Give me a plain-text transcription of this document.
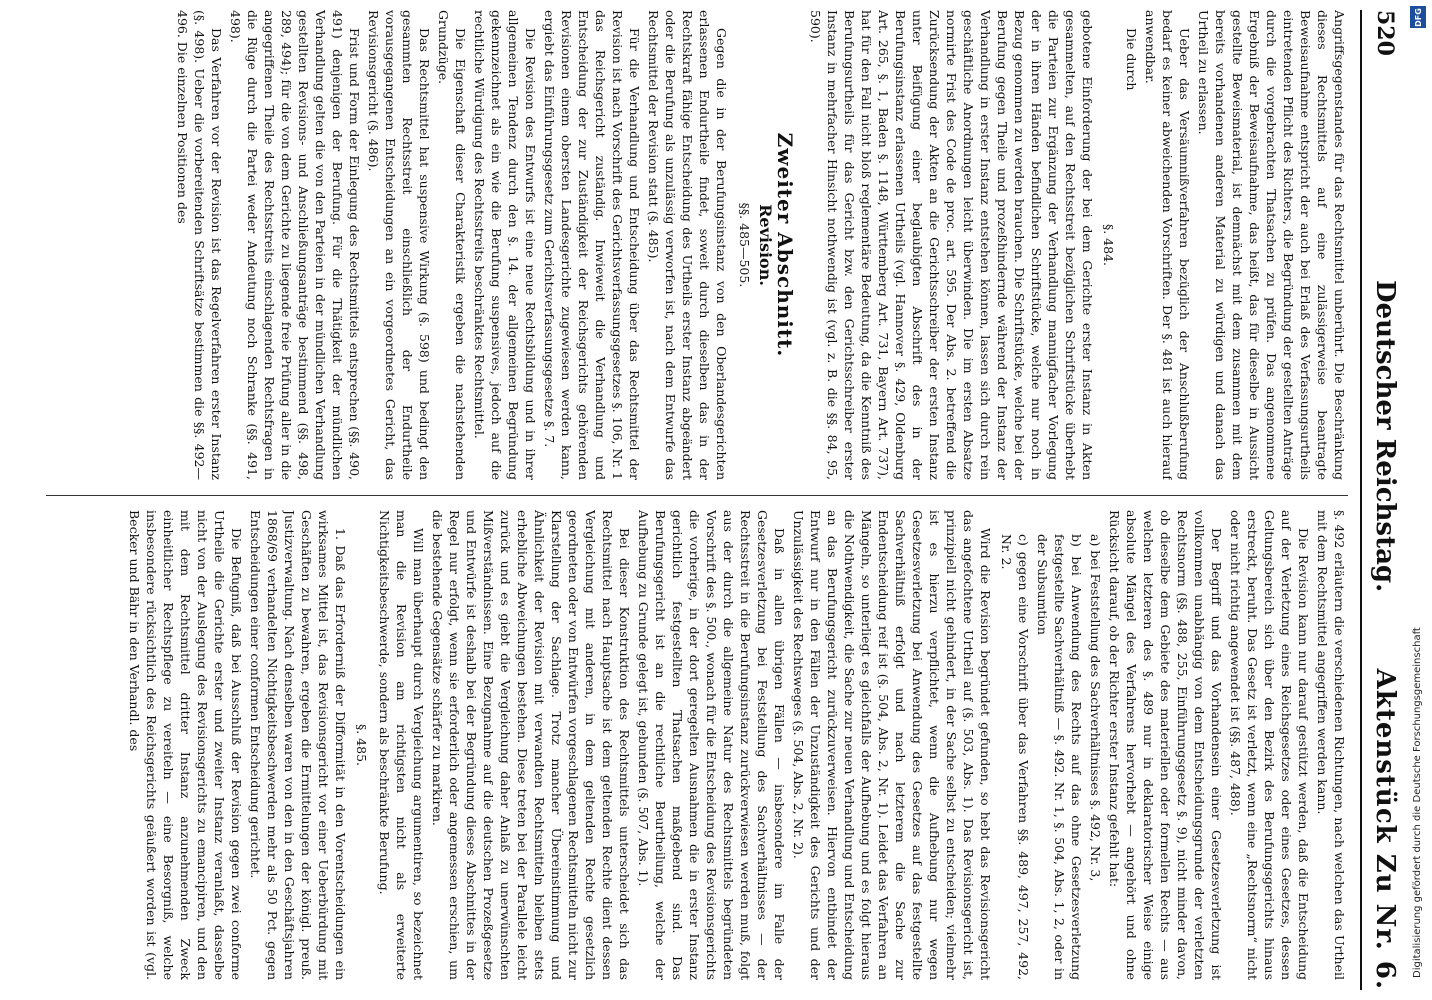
520
Deutscher Reichstag.
Aktenstück Zu Nr. 6.

Angriffsgegenstandes für das Rechtsmittel unberührt. Die Beschränkung dieses Rechtsmittels auf eine zulässigerweise beantragte Beweisaufnahme entspricht der auch bei Erlaß des Verfassungsurtheils eintretenden Pflicht des Richters, die Begründung der gestellten Anträge durch die vorgebrachten Thatsachen zu prüfen. Das angenommene Ergebniß der Beweisaufnahme, das heißt, das für dieselbe in Aussicht gestellte Beweismaterial, ist demnächst mit dem zusammen mit dem bereits vorhandenen anderen Material zu würdigen und danach das Urtheil zu erlassen.

Ueber das Versäumnißverfahren bezüglich der Anschlußberufung bedarf es keiner abweichenden Vorschriften. Der §. 481 ist auch hierauf anwendbar.

Die durch

§. 484.

gebotene Einforderung der bei dem Gerichte erster Instanz in Akten gesammelten, auf den Rechtsstreit bezüglichen Schriftstücke überhebt die Parteien zur Ergänzung der Verhandlung mannigfacher Vorlegung der in ihren Händen befindlichen Schriftstücke, welche nur noch in Bezug genommen zu werden brauchen. Die Schriftstücke, welche bei der Berufung gegen Theile und prozeßhindernde während der Instanz der Verhandlung in erster Instanz entstehen können, lassen sich durch rein geschäftliche Anordnungen leicht überwinden. Die im ersten Absatze normirte Frist des Code de proc. art. 595. Der Abs. 2. betreffend die Zurücksendung der Akten an die Gerichtsschreiber der ersten Instanz unter Beifügung einer beglaubigten Abschrift des in der Berufungsinstanz erlassenen Urtheils (vgl. Hannover §. 429, Oldenburg Art. 265, §. 1, Baden §. 1148, Württemberg Art. 731, Bayern Art. 737), hat für den Fall nicht bloß reglementäre Bedeutung, da die Kenntniß des Berufungsurtheils für das Gericht bzw. den Gerichtsschreiber erster Instanz in mehrfacher Hinsicht nothwendig ist (vgl. z. B. die §§. 84, 95, 590).

Zweiter Abschnitt.
Revision.
§§. 485—505.

Gegen die in der Berufungsinstanz von den Oberlandesgerichten erlassenen Endurtheile findet, soweit durch dieselben das in der Rechtskraft fähige Entscheidung des Urtheils erster Instanz abgeändert oder die Berufung als unzulässig verworfen ist, nach dem Entwurfe das Rechtsmittel der Revision statt (§. 485).

Für die Verhandlung und Entscheidung über das Rechtsmittel der Revision ist nach Vorschrift des Gerichtsverfassungsgesetzes §. 106, Nr. 1 das Reichsgericht zuständig. Inwieweit die Verhandlung und Entscheidung der zur Zuständigkeit der Reichsgerichts gehörenden Revisionen einem obersten Landesgerichte zugewiesen werden kann, ergiebt das Einführungsgesetz zum Gerichtsverfassungsgesetze §. 7.

Die Revision des Entwurfs ist eine neue Rechtsbildung und in ihrer allgemeinen Tendenz durch den §. 14. der allgemeinen Begründung gekennzeichnet als ein wie die Berufung suspensives, jedoch auf die rechtliche Würdigung des Rechtsstreits beschränktes Rechtsmittel.

Die Eigenschaft dieser Charakteristik ergeben die nachstehenden Grundzüge.

Das Rechtsmittel hat suspensive Wirkung (§. 598) und bedingt den gesammten Rechtsstreit einschließlich der Endurtheile vorausgegangenen Entscheidungen an ein vorgeordnetes Gericht, das Revisionsgericht (§. 486).

Frist und Form der Einlegung des Rechtsmittels entsprechen (§§. 490, 491) denjenigen der Berufung. Für die Thätigkeit der mündlichen Verhandlung gelten die von den Parteien in der mündlichen Verhandlung gestellten Revisions- und Anschließungsanträge bestimmend (§§. 498, 289, 494); für die von dem Gerichte zu liegende freie Prüfung aller in die angegriffenen Theile des Rechtsstreits einschlagenden Rechtsfragen in die Rüge durch die Partei weder Andeutung noch Schranke (§§. 491, 498).

Das Verfahren vor der Revision ist das Regelverfahren erster Instanz (§. 498). Ueber die vorbereitenden Schriftsätze bestimmen die §§. 492—496. Die einzelnen Positionen des

§. 492 erläutern die verschiedenen Richtungen, nach welchen das Urtheil mit dem Rechtsmittel angegriffen werden kann.

Die Revision kann nur darauf gestützt werden, daß die Entscheidung auf der Verletzung eines Reichsgesetzes oder eines Gesetzes, dessen Geltungsbereich sich über den Bezirk des Berufungsgerichts hinaus erstreckt, beruht. Das Gesetz ist verletzt, wenn eine „Rechtsnorm“ nicht oder nicht richtig angewendet ist (§§. 487, 488).

Der Begriff und das Vorhandensein einer Gesetzesverletzung ist vollkommen unabhängig von dem Entscheidungsgrunde der verletzten Rechtsnorm (§§. 488, 255, Einführungsgesetz §. 9), nicht minder davon, ob dieselbe dem Gebiete des materiellen oder formellen Rechts — aus welchen letzteren des §. 489 nur in deklaratorischer Weise einige absolute Mängel des Verfahrens hervorhebt — angehört und ohne Rücksicht darauf, ob der Richter erster Instanz gefehlt hat:

a) bei Feststellung des Sachverhältnisses §. 492, Nr. 3,
b) bei Anwendung des Rechts auf das ohne Gesetzesverletzung festgestellte Sachverhältniß — §. 492. Nr. 1, §. 504, Abs. 1, 2, oder in der Subsumtion
c) gegen eine Vorschrift über das Verfahren §§. 489, 497, 257, 492, Nr. 2.

Wird die Revision begründet gefunden, so hebt das Revisionsgericht das angefochtene Urtheil auf (§. 503, Abs. 1). Das Revisionsgericht ist, prinzipiell nicht gehindert, in der Sache selbst zu entscheiden; vielmehr ist es hierzu verpflichtet, wenn die Aufhebung nur wegen Gesetzesverletzung bei Anwendung des Gesetzes auf das festgestellte Sachverhältniß erfolgt und nach letzterem die Sache zur Endentscheidung reif ist (§. 504, Abs. 2, Nr. 1). Leidet das Verfahren an Mängeln, so unterliegt es gleichfalls der Aufhebung und es folgt hieraus die Nothwendigkeit, die Sache zur neuen Verhandlung und Entscheidung an das Berufungsgericht zurückzuverweisen. Hiervon entbindet der Entwurf nur in den Fällen der Unzuständigkeit des Gerichts und der Unzulässigkeit des Rechtsweges (§. 504, Abs. 2, Nr. 2).

Daß in allen übrigen Fällen — insbesondere im Falle der Gesetzesverletzung bei Feststellung des Sachverhältnisses — der Rechtsstreit in die Berufungsinstanz zurückverwiesen werden muß, folgt aus der durch die allgemeine Natur des Rechtsmittels begründeten Vorschrift des §. 500., wonach für die Entscheidung des Revisionsgerichts die vorherige, in der dort geregelten Ausnahmen die in erster Instanz gerichtlich festgestellten Thatsachen maßgebend sind. Das Berufungsgericht ist an die rechtliche Beurtheilung, welche der Aufhebung zu Grunde gelegt ist, gebunden (§. 507, Abs. 1).

Bei dieser Konstruktion des Rechtsmittels unterscheidet sich das Rechtsmittel nach Hauptsache ist dem geltenden Rechte dient dessen Vergleichung mit anderen, in dem geltenden Rechte gesetzlich geordneten oder von Entwürfen vorgeschlagenen Rechtsmitteln nicht zur Klarstellung der Sachlage. Trotz mancher Übereinstimmung und Ähnlichkeit der Revision mit verwandten Rechtsmitteln bleiben stets erhebliche Abweichungen bestehen. Diese treten bei der Parallele leicht zurück und es giebt die Vergleichung daher Anlaß zu unerwünschten Mißverständnissen. Eine Bezugnahme auf die deutschen Prozeßgesetze und Entwürfe ist deshalb bei der Begründung dieses Abschnittes in der Regel nur erfolgt, wenn sie erforderlich oder angemessen erschien, um die bestehende Gegensätze schärfer zu markiren.

Will man überhaupt durch Vergleichung argumentiren, so bezeichnet man die Revision am richtigsten nicht als erweiterte Nichtigkeitsbeschwerde, sondern als beschränkte Berufung.

§. 485.

1. Daß das Erforderniß der Difformität in den Vorentscheidungen ein wirksames Mittel ist, das Revisionsgericht vor einer Ueberbürdung mit Geschäften zu bewahren, ergeben die Ermittelungen der königl. preuß. Justizverwaltung. Nach denselben waren von den in den Geschäftsjahren 1868/69 verhandelten Nichtigkeitsbeschwerden mehr als 50 Pct. gegen Entscheidungen einer conformen Entscheidung gerichtet.

Die Befugniß, daß bei Ausschluß der Revision gegen zwei conforme Urtheile die Gerichte erster und zweiter Instanz veranlaßt, dasselbe nicht von der Auslegung des Revisionsgerichts zu emancipiren, und den mit dem Rechtsmittel dritter Instanz anzunehmenden Zweck einheitlicher Rechtspflege zu vereiteln — eine Besorgniß, welche insbesondere rücksichtlich des Reichsgerichts geäußert worden ist (vgl. Becker und Bähr in den Verhandl. des

DFG
Digitalisierung gefördert durch die Deutsche Forschungsgemeinschaft
